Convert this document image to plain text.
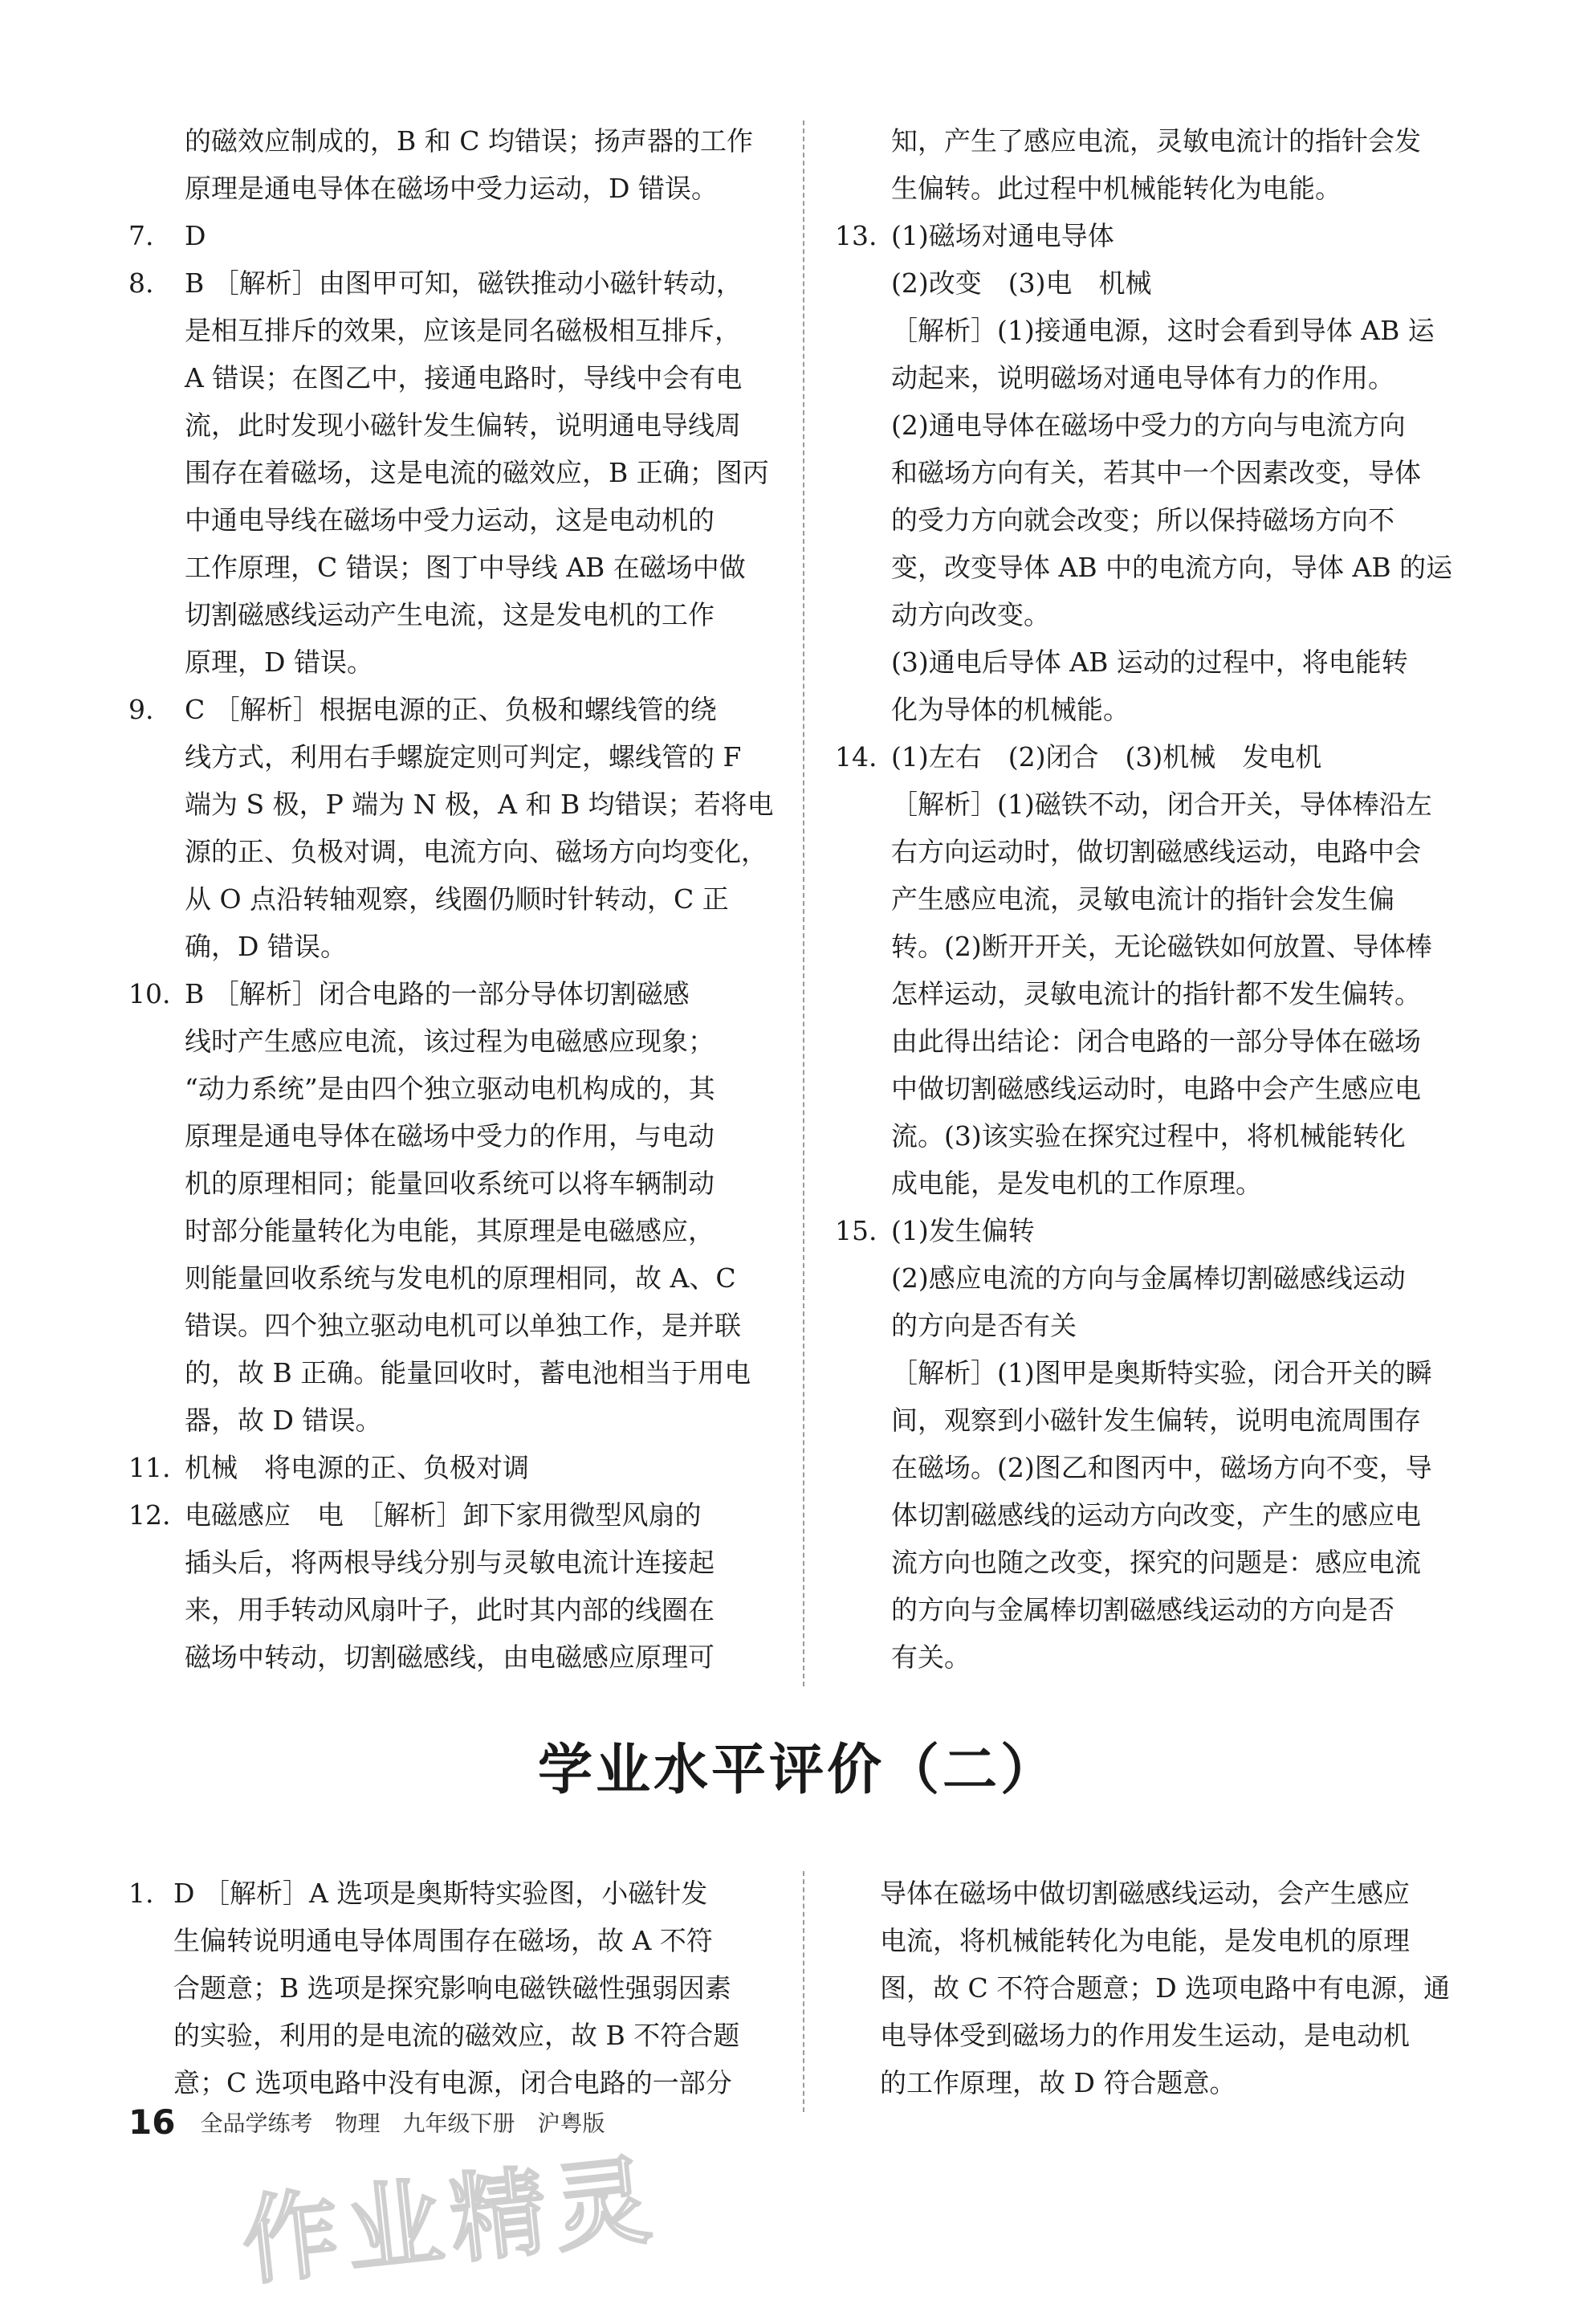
的磁效应制成的，B 和 C 均错误；扬声器的工作
原理是通电导体在磁场中受力运动，D 错误。
7. D
8. B ［解析］由图甲可知，磁铁推动小磁针转动，
是相互排斥的效果，应该是同名磁极相互排斥，
A 错误；在图乙中，接通电路时，导线中会有电
流，此时发现小磁针发生偏转，说明通电导线周
围存在着磁场，这是电流的磁效应，B 正确；图丙
中通电导线在磁场中受力运动，这是电动机的
工作原理，C 错误；图丁中导线 AB 在磁场中做
切割磁感线运动产生电流，这是发电机的工作
原理，D 错误。
9. C ［解析］根据电源的正、负极和螺线管的绕
线方式，利用右手螺旋定则可判定，螺线管的 F
端为 S 极，P 端为 N 极，A 和 B 均错误；若将电
源的正、负极对调，电流方向、磁场方向均变化，
从 O 点沿转轴观察，线圈仍顺时针转动，C 正
确，D 错误。
10. B ［解析］闭合电路的一部分导体切割磁感
线时产生感应电流，该过程为电磁感应现象；
“动力系统”是由四个独立驱动电机构成的，其
原理是通电导体在磁场中受力的作用，与电动
机的原理相同；能量回收系统可以将车辆制动
时部分能量转化为电能，其原理是电磁感应，
则能量回收系统与发电机的原理相同，故 A、C
错误。四个独立驱动电机可以单独工作，是并联
的，故 B 正确。能量回收时，蓄电池相当于用电
器，故 D 错误。
11. 机械　将电源的正、负极对调
12. 电磁感应　电　［解析］卸下家用微型风扇的
插头后，将两根导线分别与灵敏电流计连接起
来，用手转动风扇叶子，此时其内部的线圈在
磁场中转动，切割磁感线，由电磁感应原理可
知，产生了感应电流，灵敏电流计的指针会发
生偏转。此过程中机械能转化为电能。
13. (1)磁场对通电导体
(2)改变　(3)电　机械
［解析］(1)接通电源，这时会看到导体 AB 运
动起来，说明磁场对通电导体有力的作用。
(2)通电导体在磁场中受力的方向与电流方向
和磁场方向有关，若其中一个因素改变，导体
的受力方向就会改变；所以保持磁场方向不
变，改变导体 AB 中的电流方向，导体 AB 的运
动方向改变。
(3)通电后导体 AB 运动的过程中，将电能转
化为导体的机械能。
14. (1)左右　(2)闭合　(3)机械　发电机
［解析］(1)磁铁不动，闭合开关，导体棒沿左
右方向运动时，做切割磁感线运动，电路中会
产生感应电流，灵敏电流计的指针会发生偏
转。(2)断开开关，无论磁铁如何放置、导体棒
怎样运动，灵敏电流计的指针都不发生偏转。
由此得出结论：闭合电路的一部分导体在磁场
中做切割磁感线运动时，电路中会产生感应电
流。(3)该实验在探究过程中，将机械能转化
成电能，是发电机的工作原理。
15. (1)发生偏转
(2)感应电流的方向与金属棒切割磁感线运动
的方向是否有关
［解析］(1)图甲是奥斯特实验，闭合开关的瞬
间，观察到小磁针发生偏转，说明电流周围存
在磁场。(2)图乙和图丙中，磁场方向不变，导
体切割磁感线的运动方向改变，产生的感应电
流方向也随之改变，探究的问题是：感应电流
的方向与金属棒切割磁感线运动的方向是否
有关。
学业水平评价（二）
1. D ［解析］A 选项是奥斯特实验图，小磁针发
生偏转说明通电导体周围存在磁场，故 A 不符
合题意；B 选项是探究影响电磁铁磁性强弱因素
的实验，利用的是电流的磁效应，故 B 不符合题
意；C 选项电路中没有电源，闭合电路的一部分
导体在磁场中做切割磁感线运动，会产生感应
电流，将机械能转化为电能，是发电机的原理
图，故 C 不符合题意；D 选项电路中有电源，通
电导体受到磁场力的作用发生运动，是电动机
的工作原理，故 D 符合题意。
16 全品学练考　物理　九年级下册　沪粤版
作业精灵
